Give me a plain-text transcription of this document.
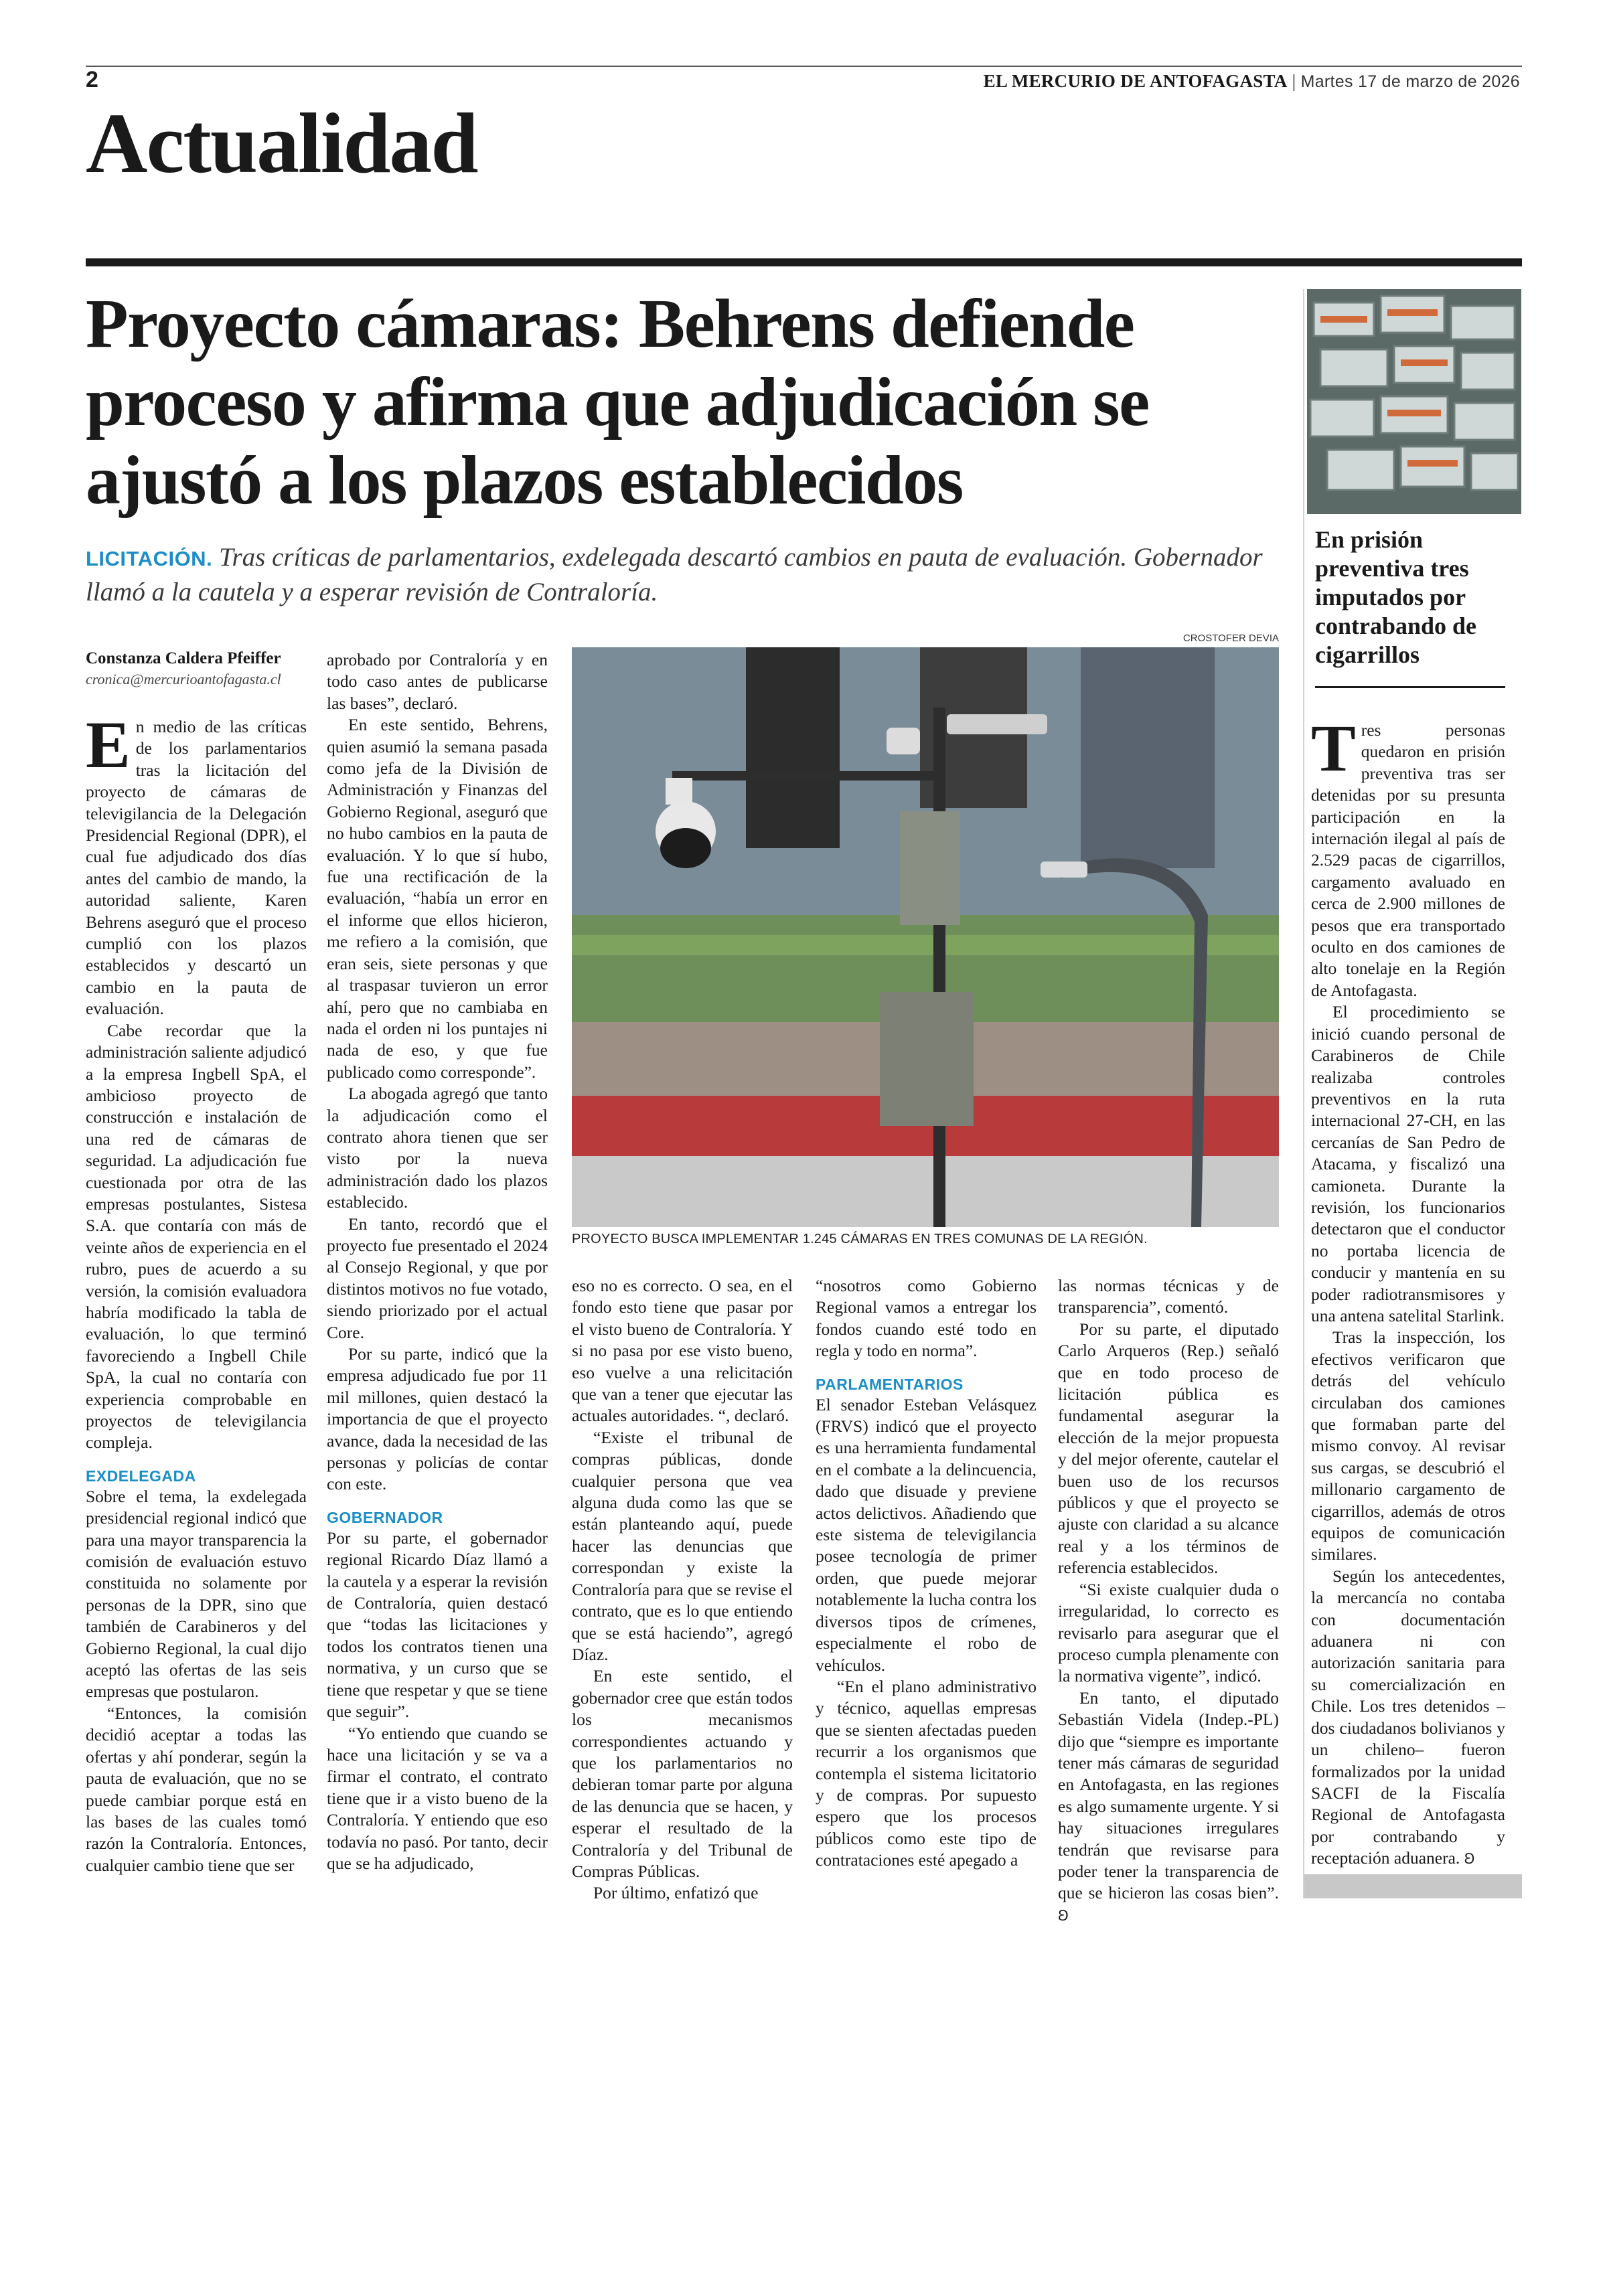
2	EL MERCURIO DE ANTOFAGASTA | Martes 17 de marzo de 2026
Actualidad
Proyecto cámaras: Behrens defiende proceso y afirma que adjudicación se ajustó a los plazos establecidos
LICITACIÓN. Tras críticas de parlamentarios, exdelegada descartó cambios en pauta de evaluación. Gobernador llamó a la cautela y a esperar revisión de Contraloría.
CROSTOFER DEVIA
PROYECTO BUSCA IMPLEMENTAR 1.245 CÁMARAS EN TRES COMUNAS DE LA REGIÓN.
Constanza Caldera Pfeiffer
cronica@mercurioantofagasta.cl

En medio de las críticas de los parlamentarios tras la licitación del proyecto de cámaras de televigilancia de la Delegación Presidencial Regional (DPR), el cual fue adjudicado dos días antes del cambio de mando, la autoridad saliente, Karen Behrens aseguró que el proceso cumplió con los plazos establecidos y descartó un cambio en la pauta de evaluación.

Cabe recordar que la administración saliente adjudicó a la empresa Ingbell SpA, el ambicioso proyecto de construcción e instalación de una red de cámaras de seguridad. La adjudicación fue cuestionada por otra de las empresas postulantes, Sistesa S.A. que contaría con más de veinte años de experiencia en el rubro, pues de acuerdo a su versión, la comisión evaluadora habría modificado la tabla de evaluación, lo que terminó favoreciendo a Ingbell Chile SpA, la cual no contaría con experiencia comprobable en proyectos de televigilancia compleja.

EXDELEGADA

Sobre el tema, la exdelegada presidencial regional indicó que para una mayor transparencia la comisión de evaluación estuvo constituida no solamente por personas de la DPR, sino que también de Carabineros y del Gobierno Regional, la cual dijo aceptó las ofertas de las seis empresas que postularon.

“Entonces, la comisión decidió aceptar a todas las ofertas y ahí ponderar, según la pauta de evaluación, que no se puede cambiar porque está en las bases de las cuales tomó razón la Contraloría. Entonces, cualquier cambio tiene que ser

aprobado por Contraloría y en todo caso antes de publicarse las bases”, declaró.

En este sentido, Behrens, quien asumió la semana pasada como jefa de la División de Administración y Finanzas del Gobierno Regional, aseguró que no hubo cambios en la pauta de evaluación. Y lo que sí hubo, fue una rectificación de la evaluación, “había un error en el informe que ellos hicieron, me refiero a la comisión, que eran seis, siete personas y que al traspasar tuvieron un error ahí, pero que no cambiaba en nada el orden ni los puntajes ni nada de eso, y que fue publicado como corresponde”.

La abogada agregó que tanto la adjudicación como el contrato ahora tienen que ser visto por la nueva administración dado los plazos establecido.

En tanto, recordó que el proyecto fue presentado el 2024 al Consejo Regional, y que por distintos motivos no fue votado, siendo priorizado por el actual Core.

Por su parte, indicó que la empresa adjudicado fue por 11 mil millones, quien destacó la importancia de que el proyecto avance, dada la necesidad de las personas y policías de contar con este.

GOBERNADOR

Por su parte, el gobernador regional Ricardo Díaz llamó a la cautela y a esperar la revisión de Contraloría, quien destacó que “todas las licitaciones y todos los contratos tienen una normativa, y un curso que se tiene que respetar y que se tiene que seguir”.

“Yo entiendo que cuando se hace una licitación y se va a firmar el contrato, el contrato tiene que ir a visto bueno de la Contraloría. Y entiendo que eso todavía no pasó. Por tanto, decir que se ha adjudicado,

eso no es correcto. O sea, en el fondo esto tiene que pasar por el visto bueno de Contraloría. Y si no pasa por ese visto bueno, eso vuelve a una relicitación que van a tener que ejecutar las actuales autoridades. “, declaró.

“Existe el tribunal de compras públicas, donde cualquier persona que vea alguna duda como las que se están planteando aquí, puede hacer las denuncias que correspondan y existe la Contraloría para que se revise el contrato, que es lo que entiendo que se está haciendo”, agregó Díaz.

En este sentido, el gobernador cree que están todos los mecanismos correspondientes actuando y que los parlamentarios no debieran tomar parte por alguna de las denuncia que se hacen, y esperar el resultado de la Contraloría y del Tribunal de Compras Públicas.

Por último, enfatizó que

“nosotros como Gobierno Regional vamos a entregar los fondos cuando esté todo en regla y todo en norma”.

PARLAMENTARIOS

El senador Esteban Velásquez (FRVS) indicó que el proyecto es una herramienta fundamental en el combate a la delincuencia, dado que disuade y previene actos delictivos. Añadiendo que este sistema de televigilancia posee tecnología de primer orden, que puede mejorar notablemente la lucha contra los diversos tipos de crímenes, especialmente el robo de vehículos.

“En el plano administrativo y técnico, aquellas empresas que se sienten afectadas pueden recurrir a los organismos que contempla el sistema licitatorio y de compras. Por supuesto espero que los procesos públicos como este tipo de contrataciones esté apegado a

las normas técnicas y de transparencia”, comentó.

Por su parte, el diputado Carlo Arqueros (Rep.) señaló que en todo proceso de licitación pública es fundamental asegurar la elección de la mejor propuesta y del mejor oferente, cautelar el buen uso de los recursos públicos y que el proyecto se ajuste con claridad a su alcance real y a los términos de referencia establecidos.

“Si existe cualquier duda o irregularidad, lo correcto es revisarlo para asegurar que el proceso cumpla plenamente con la normativa vigente”, indicó.

En tanto, el diputado Sebastián Videla (Indep.-PL) dijo que “siempre es importante tener más cámaras de seguridad en Antofagasta, en las regiones es algo sumamente urgente. Y si hay situaciones irregulares tendrán que revisarse para poder tener la transparencia de que se hicieron las cosas bien”. Ꞝ

En prisión preventiva tres imputados por contrabando de cigarrillos

Tres personas quedaron en prisión preventiva tras ser detenidas por su presunta participación en la internación ilegal al país de 2.529 pacas de cigarrillos, cargamento avaluado en cerca de 2.900 millones de pesos que era transportado oculto en dos camiones de alto tonelaje en la Región de Antofagasta.

El procedimiento se inició cuando personal de Carabineros de Chile realizaba controles preventivos en la ruta internacional 27-CH, en las cercanías de San Pedro de Atacama, y fiscalizó una camioneta. Durante la revisión, los funcionarios detectaron que el conductor no portaba licencia de conducir y mantenía en su poder radiotransmisores y una antena satelital Starlink.

Tras la inspección, los efectivos verificaron que detrás del vehículo circulaban dos camiones que formaban parte del mismo convoy. Al revisar sus cargas, se descubrió el millonario cargamento de cigarrillos, además de otros equipos de comunicación similares.

Según los antecedentes, la mercancía no contaba con documentación aduanera ni con autorización sanitaria para su comercialización en Chile. Los tres detenidos –dos ciudadanos bolivianos y un chileno– fueron formalizados por la unidad SACFI de la Fiscalía Regional de Antofagasta por contrabando y receptación aduanera. Ꞝ
